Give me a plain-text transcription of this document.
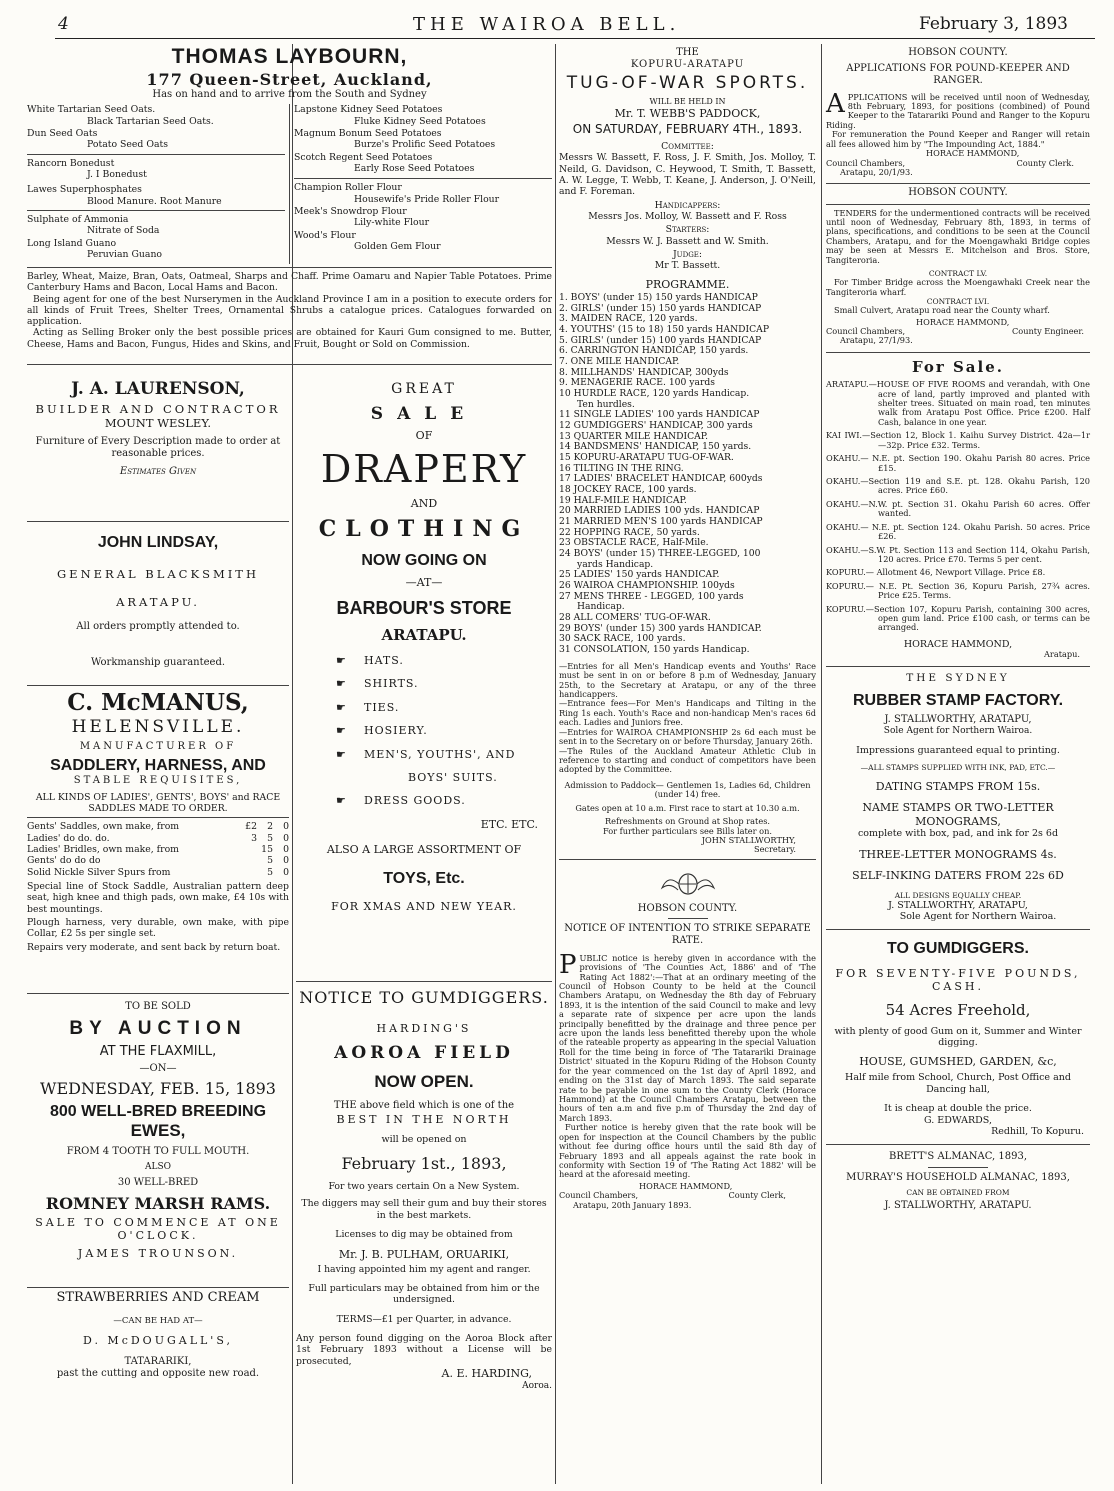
4	THE WAIROA BELL.	February 3, 1893
THOMAS LAYBOURN,
177 Queen-Street, Auckland,
Has on hand and to arrive from the South and Sydney
White Tartarian Seed Oats.
Black Tartarian Seed Oats.
Dun Seed Oats
Potato Seed Oats
Rancorn Bonedust
J. I Bonedust
Lawes Superphosphates
Blood Manure. Root Manure
Sulphate of Ammonia
Nitrate of Soda
Long Island Guano
Peruvian Guano
Lapstone Kidney Seed Potatoes
Fluke Kidney Seed Potatoes
Magnum Bonum Seed Potatoes
Burze's Prolific Seed Potatoes
Scotch Regent Seed Potatoes
Early Rose Seed Potatoes
Champion Roller Flour
Housewife's Pride Roller Flour
Meek's Snowdrop Flour
Lily-white Flour
Wood's Flour
Golden Gem Flour
Barley, Wheat, Maize, Bran, Oats, Oatmeal, Sharps and Chaff. Prime Oamaru and Napier Table Potatoes. Prime Canterbury Hams and Bacon, Local Hams and Bacon.
Being agent for one of the best Nurserymen in the Auckland Province I am in a position to execute orders for all kinds of Fruit Trees, Shelter Trees, Ornamental Shrubs a catalogue prices. Catalogues forwarded on application.
Acting as Selling Broker only the best possible prices are obtained for Kauri Gum consigned to me. Butter, Cheese, Hams and Bacon, Fungus, Hides and Skins, and Fruit, Bought or Sold on Commission.
J. A. LAURENSON,
BUILDER AND CONTRACTOR
MOUNT WESLEY.
Furniture of Every Description made to order at reasonable prices.
Estimates Given
JOHN LINDSAY,
GENERAL BLACKSMITH
ARATAPU.
All orders promptly attended to.
Workmanship guaranteed.
C. McMANUS,
HELENSVILLE.
MANUFACTURER OF
SADDLERY, HARNESS, AND
STABLE REQUISITES,
ALL KINDS OF LADIES', GENTS', BOYS' and RACE SADDLES MADE TO ORDER.
Gents' Saddles, own make, from	£2	2	0
Ladies' do do. do.	3	5	0
Ladies' Bridles, own make, from	15	0
Gents' do do do	5	0
Solid Nickle Silver Spurs from	5	0
Special line of Stock Saddle, Australian pattern deep seat, high knee and thigh pads, own make, £4 10s with best mountings.
Plough harness, very durable, own make, with pipe Collar, £2 5s per single set.
Repairs very moderate, and sent back by return boat.
TO BE SOLD
BY AUCTION
AT THE FLAXMILL,
—ON—
WEDNESDAY, FEB. 15, 1893
800 WELL-BRED BREEDING
EWES,
FROM 4 TOOTH TO FULL MOUTH.
ALSO
30 WELL-BRED
ROMNEY MARSH RAMS.
SALE TO COMMENCE AT ONE O'CLOCK.
JAMES TROUNSON.
STRAWBERRIES AND CREAM
—CAN BE HAD AT—
D. McDOUGALL'S,
TATARARIKI,
past the cutting and opposite new road.
GREAT
SALE
OF
DRAPERY
AND
CLOTHING
NOW GOING ON
—AT—
BARBOUR'S STORE
ARATAPU.
☛ HATS.
☛ SHIRTS.
☛ TIES.
☛ HOSIERY.
☛ MEN'S, YOUTHS', AND
BOYS' SUITS.
☛ DRESS GOODS.
ETC. ETC.
ALSO A LARGE ASSORTMENT OF
TOYS, Etc.
FOR XMAS AND NEW YEAR.
NOTICE TO GUMDIGGERS.
HARDING'S
AOROA FIELD
NOW OPEN.
THE above field which is one of the
BEST IN THE NORTH
will be opened on
February 1st., 1893,
For two years certain On a New System.
The diggers may sell their gum and buy their stores in the best markets.
Licenses to dig may be obtained from
Mr. J. B. PULHAM, ORUARIKI,
I having appointed him my agent and ranger.
Full particulars may be obtained from him or the undersigned.
TERMS—£1 per Quarter, in advance.
Any person found digging on the Aoroa Block after 1st February 1893 without a License will be prosecuted,
A. E. HARDING,
Aoroa.
THE
KOPURU-ARATAPU
TUG-OF-WAR SPORTS.
WILL BE HELD IN
Mr. T. WEBB'S PADDOCK,
ON SATURDAY, FEBRUARY 4TH., 1893.
Committee:
Messrs W. Bassett, F. Ross, J. F. Smith, Jos. Molloy, T. Neild, G. Davidson, C. Heywood, T. Smith, T. Bassett, A. W. Legge, T. Webb, T. Keane, J. Anderson, J. O'Neill, and F. Foreman.
Handicappers:
Messrs Jos. Molloy, W. Bassett and F. Ross
Starters:
Messrs W. J. Bassett and W. Smith.
Judge:
Mr T. Bassett.
PROGRAMME.
1. BOYS' (under 15) 150 yards HANDICAP
2. GIRLS' (under 15) 150 yards HANDICAP
3. MAIDEN RACE, 120 yards.
4. YOUTHS' (15 to 18) 150 yards HANDICAP
5. GIRLS' (under 15) 100 yards HANDICAP
6. CARRINGTON HANDICAP, 150 yards.
7. ONE MILE HANDICAP.
8. MILLHANDS' HANDICAP, 300yds
9. MENAGERIE RACE. 100 yards
10 HURDLE RACE, 120 yards Handicap.
Ten hurdles.
11 SINGLE LADIES' 100 yards HANDICAP
12 GUMDIGGERS' HANDICAP, 300 yards
13 QUARTER MILE HANDICAP.
14 BANDSMENS' HANDICAP, 150 yards.
15 KOPURU-ARATAPU TUG-OF-WAR.
16 TILTING IN THE RING.
17 LADIES' BRACELET HANDICAP, 600yds
18 JOCKEY RACE, 100 yards.
19 HALF-MILE HANDICAP.
20 MARRIED LADIES 100 yds. HANDICAP
21 MARRIED MEN'S 100 yards HANDICAP
22 HOPPING RACE, 50 yards.
23 OBSTACLE RACE, Half-Mile.
24 BOYS' (under 15) THREE-LEGGED, 100
yards Handicap.
25 LADIES' 150 yards HANDICAP.
26 WAIROA CHAMPIONSHIP. 100yds
27 MENS THREE - LEGGED, 100 yards
Handicap.
28 ALL COMERS' TUG-OF-WAR.
29 BOYS' (under 15) 300 yards HANDICAP.
30 SACK RACE, 100 yards.
31 CONSOLATION, 150 yards Handicap.
—Entries for all Men's Handicap events and Youths' Race must be sent in on or before 8 p.m of Wednesday, January 25th, to the Secretary at Aratapu, or any of the three handicappers.
—Entrance fees—For Men's Handicaps and Tilting in the Ring 1s each. Youth's Race and non-handicap Men's races 6d each. Ladies and Juniors free.
—Entries for WAIROA CHAMPIONSHIP 2s 6d each must be sent in to the Secretary on or before Thursday, January 26th.
—The Rules of the Auckland Amateur Athletic Club in reference to starting and conduct of competitors have been adopted by the Committee.
Admission to Paddock— Gentlemen 1s, Ladies 6d, Children (under 14) free.
Gates open at 10 a.m. First race to start at 10.30 a.m.
Refreshments on Ground at Shop rates.
For further particulars see Bills later on.
JOHN STALLWORTHY,
Secretary.
HOBSON COUNTY.
NOTICE OF INTENTION TO STRIKE SEPARATE RATE.
PUBLIC notice is hereby given in accordance with the provisions of 'The Counties Act, 1886' and of 'The Rating Act 1882':—That at an ordinary meeting of the Council of Hobson County to be held at the Council Chambers Aratapu, on Wednesday the 8th day of February 1893, it is the intention of the said Council to make and levy a separate rate of sixpence per acre upon the lands principally benefitted by the drainage and three pence per acre upon the lands less benefitted thereby upon the whole of the rateable property as appearing in the special Valuation Roll for the time being in force of 'The Tatarariki Drainage District' situated in the Kopuru Riding of the Hobson County for the year commenced on the 1st day of April 1892, and ending on the 31st day of March 1893. The said separate rate to be payable in one sum to the County Clerk (Horace Hammond) at the Council Chambers Aratapu, between the hours of ten a.m and five p.m of Thursday the 2nd day of March 1893.
Further notice is hereby given that the rate book will be open for inspection at the Council Chambers by the public without fee during office hours until the said 8th day of February 1893 and all appeals against the rate book in conformity with Section 19 of 'The Rating Act 1882' will be heard at the aforesaid meeting.
HORACE HAMMOND,
Council Chambers,	County Clerk,
Aratapu, 20th January 1893.
HOBSON COUNTY.
APPLICATIONS FOR POUND-KEEPER AND RANGER.
APPLICATIONS will be received until noon of Wednesday, 8th February, 1893, for positions (combined) of Pound Keeper to the Tatarariki Pound and Ranger to the Kopuru Riding.
For remuneration the Pound Keeper and Ranger will retain all fees allowed him by "The Impounding Act, 1884."
HORACE HAMMOND,
Council Chambers,	County Clerk.
Aratapu, 20/1/93.
HOBSON COUNTY.
TENDERS for the undermentioned contracts will be received until noon of Wednesday, February 8th, 1893, in terms of plans, specifications, and conditions to be seen at the Council Chambers, Aratapu, and for the Moengawhaki Bridge copies may be seen at Messrs E. Mitchelson and Bros. Store, Tangiteroria.
CONTRACT LV.
For Timber Bridge across the Moengawhaki Creek near the Tangiteroria wharf.
CONTRACT LVI.
Small Culvert, Aratapu road near the County wharf.
HORACE HAMMOND,
Council Chambers,	County Engineer.
Aratapu, 27/1/93.
For Sale.
ARATAPU.—HOUSE OF FIVE ROOMS and verandah, with One acre of land, partly improved and planted with shelter trees. Situated on main road, ten minutes walk from Aratapu Post Office. Price £200. Half Cash, balance in one year.
KAI IWI.—Section 12, Block 1. Kaihu Survey District. 42a—1r—32p. Price £32. Terms.
OKAHU.— N.E. pt. Section 190. Okahu Parish 80 acres. Price £15.
OKAHU.—Section 119 and S.E. pt. 128. Okahu Parish, 120 acres. Price £60.
OKAHU.—N.W. pt. Section 31. Okahu Parish 60 acres. Offer wanted.
OKAHU.— N.E. pt. Section 124. Okahu Parish. 50 acres. Price £26.
OKAHU.—S.W. Pt. Section 113 and Section 114, Okahu Parish, 120 acres. Price £70. Terms 5 per cent.
KOPURU.— Allotment 46, Newport Village. Price £8.
KOPURU.— N.E. Pt. Section 36, Kopuru Parish, 27¾ acres. Price £25. Terms.
KOPURU.—Section 107, Kopuru Parish, containing 300 acres, open gum land. Price £100 cash, or terms can be arranged.
HORACE HAMMOND,
Aratapu.
THE SYDNEY
RUBBER STAMP FACTORY.
J. STALLWORTHY, ARATAPU,
Sole Agent for Northern Wairoa.
Impressions guaranteed equal to printing.
—ALL STAMPS SUPPLIED WITH INK, PAD, ETC.—
DATING STAMPS FROM 15s.
NAME STAMPS OR TWO-LETTER MONOGRAMS,
complete with box, pad, and ink for 2s 6d
THREE-LETTER MONOGRAMS 4s.
SELF-INKING DATERS FROM 22s 6D
ALL DESIGNS EQUALLY CHEAP.
J. STALLWORTHY, ARATAPU,
Sole Agent for Northern Wairoa.
TO GUMDIGGERS.
FOR SEVENTY-FIVE POUNDS, CASH.
54 Acres Freehold,
with plenty of good Gum on it, Summer and Winter digging.
HOUSE, GUMSHED, GARDEN, &c,
Half mile from School, Church, Post Office and Dancing hall,
It is cheap at double the price.
G. EDWARDS,
Redhill, To Kopuru.
BRETT'S ALMANAC, 1893,
MURRAY'S HOUSEHOLD ALMANAC, 1893,
CAN BE OBTAINED FROM
J. STALLWORTHY, ARATAPU.
